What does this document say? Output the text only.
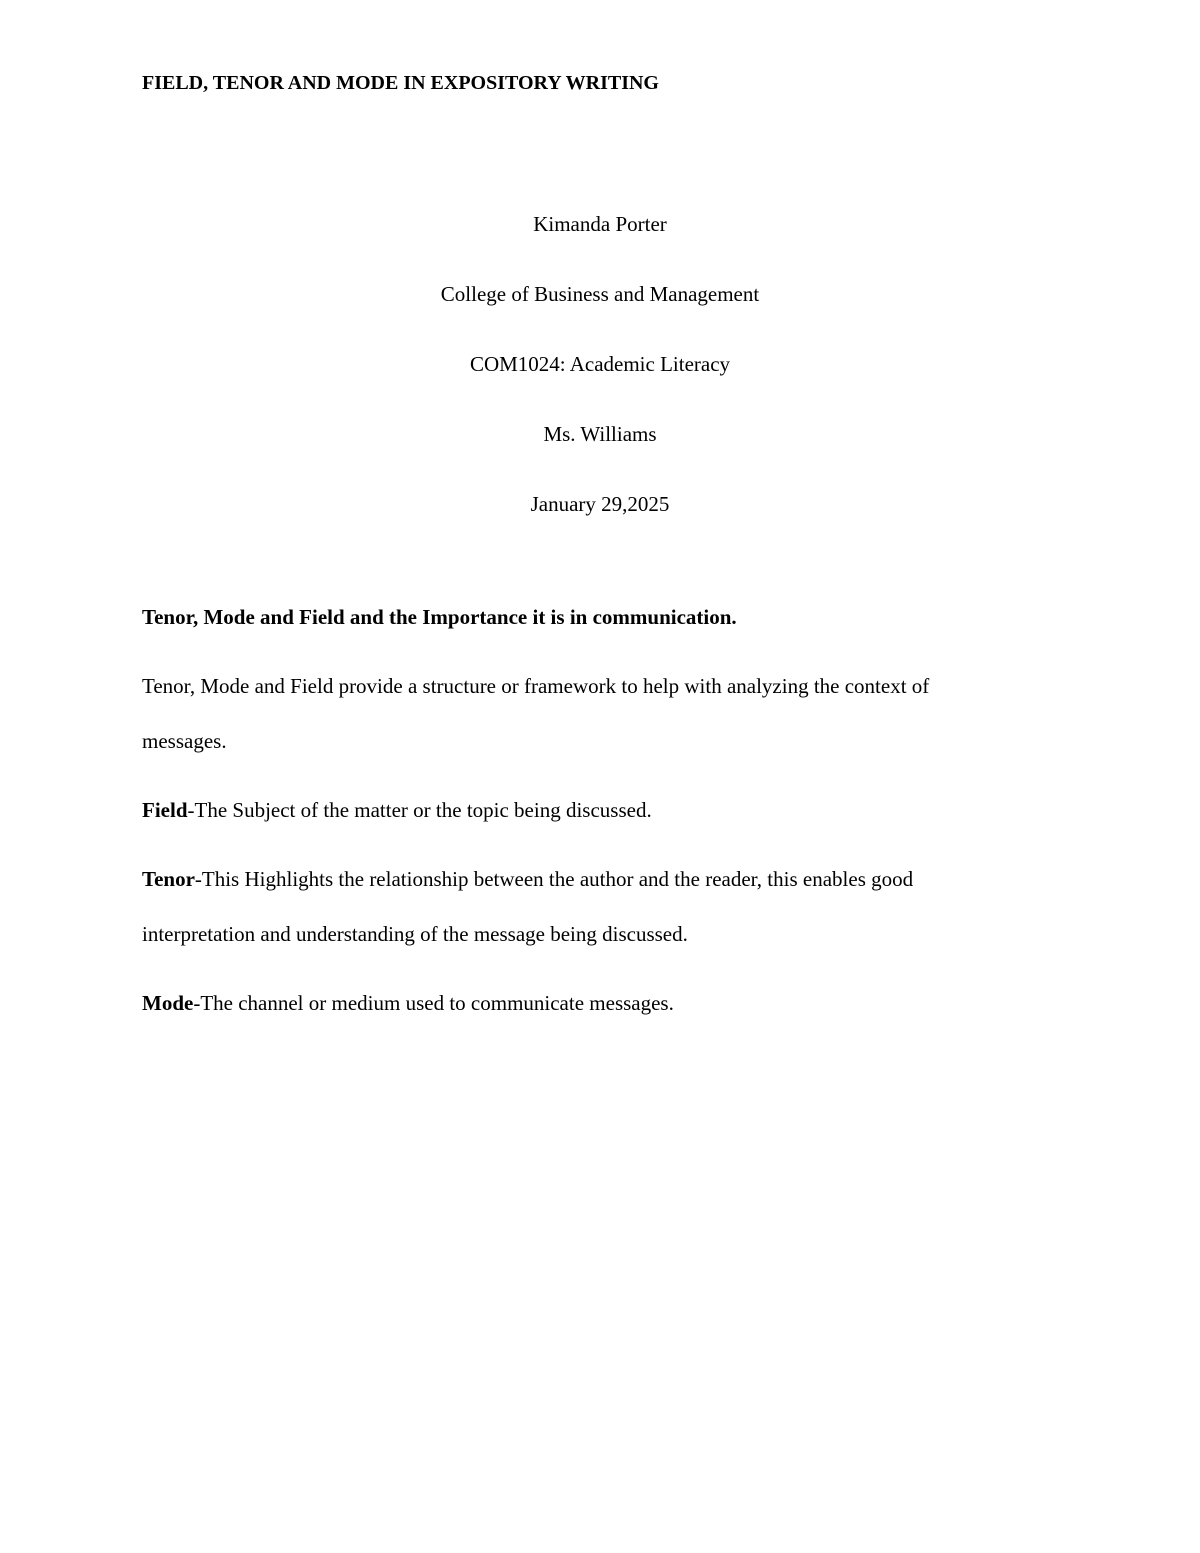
FIELD, TENOR AND MODE IN EXPOSITORY WRITING
Kimanda Porter
College of Business and Management
COM1024: Academic Literacy
Ms. Williams
January 29,2025
Tenor, Mode and Field and the Importance it is in communication.
Tenor, Mode and Field provide a structure or framework to help with analyzing the context of
messages.
Field-The Subject of the matter or the topic being discussed.
Tenor-This Highlights the relationship between the author and the reader, this enables good
interpretation and understanding of the message being discussed.
Mode-The channel or medium used to communicate messages.
